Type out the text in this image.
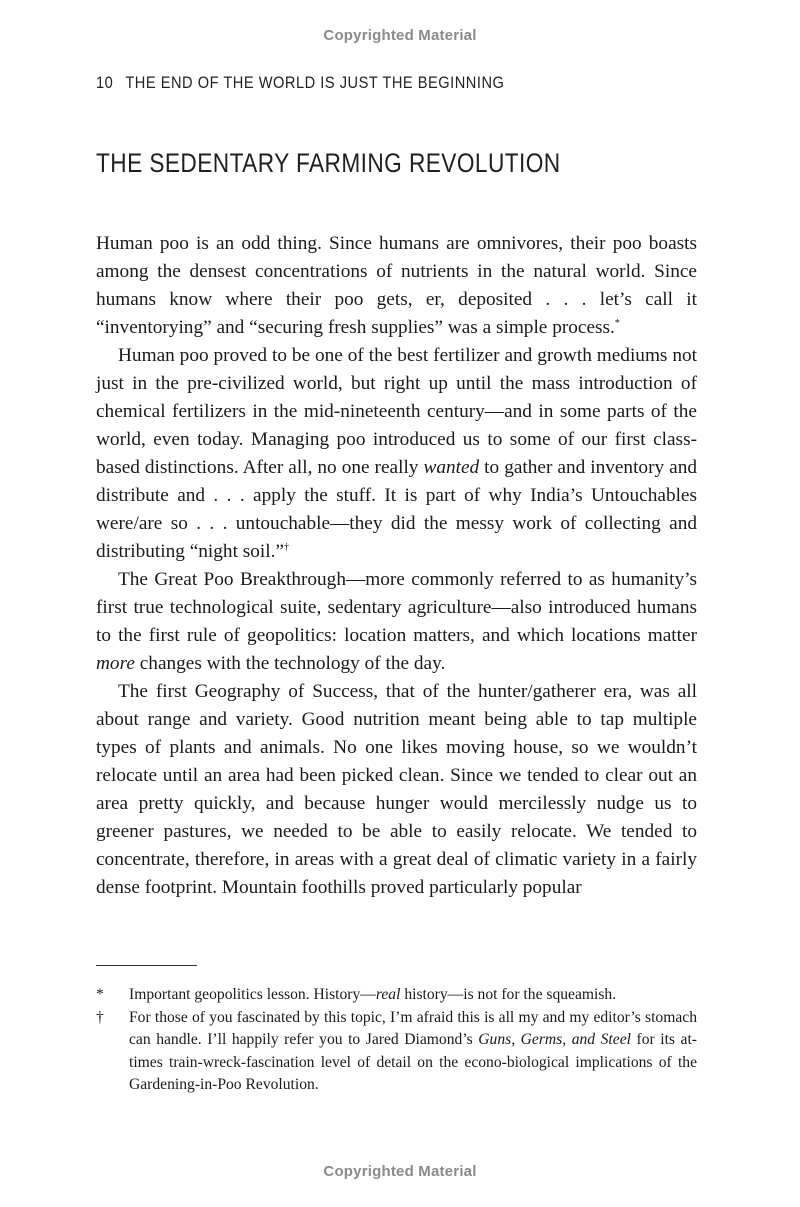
Copyrighted Material
10 THE END OF THE WORLD IS JUST THE BEGINNING
THE SEDENTARY FARMING REVOLUTION

Human poo is an odd thing. Since humans are omnivores, their poo boasts among the densest concentrations of nutrients in the natural world. Since humans know where their poo gets, er, deposited . . . let’s call it “inventorying” and “securing fresh supplies” was a simple process.*

Human poo proved to be one of the best fertilizer and growth mediums not just in the pre-civilized world, but right up until the mass introduction of chemical fertilizers in the mid-nineteenth century—and in some parts of the world, even today. Managing poo introduced us to some of our first class-based distinctions. After all, no one really wanted to gather and inventory and distribute and . . . apply the stuff. It is part of why India’s Untouchables were/are so . . . untouchable—they did the messy work of collecting and distributing “night soil.”†

The Great Poo Breakthrough—more commonly referred to as humanity’s first true technological suite, sedentary agriculture—also introduced humans to the first rule of geopolitics: location matters, and which locations matter more changes with the technology of the day.

The first Geography of Success, that of the hunter/gatherer era, was all about range and variety. Good nutrition meant being able to tap multiple types of plants and animals. No one likes moving house, so we wouldn’t relocate until an area had been picked clean. Since we tended to clear out an area pretty quickly, and because hunger would mercilessly nudge us to greener pastures, we needed to be able to easily relocate. We tended to concentrate, therefore, in areas with a great deal of climatic variety in a fairly dense footprint. Mountain foothills proved particularly popular

*	Important geopolitics lesson. History—real history—is not for the squeamish.
†	For those of you fascinated by this topic, I’m afraid this is all my and my editor’s stomach can handle. I’ll happily refer you to Jared Diamond’s Guns, Germs, and Steel for its at-times train-wreck-fascination level of detail on the econo-biological implications of the Gardening-in-Poo Revolution.
Copyrighted Material
